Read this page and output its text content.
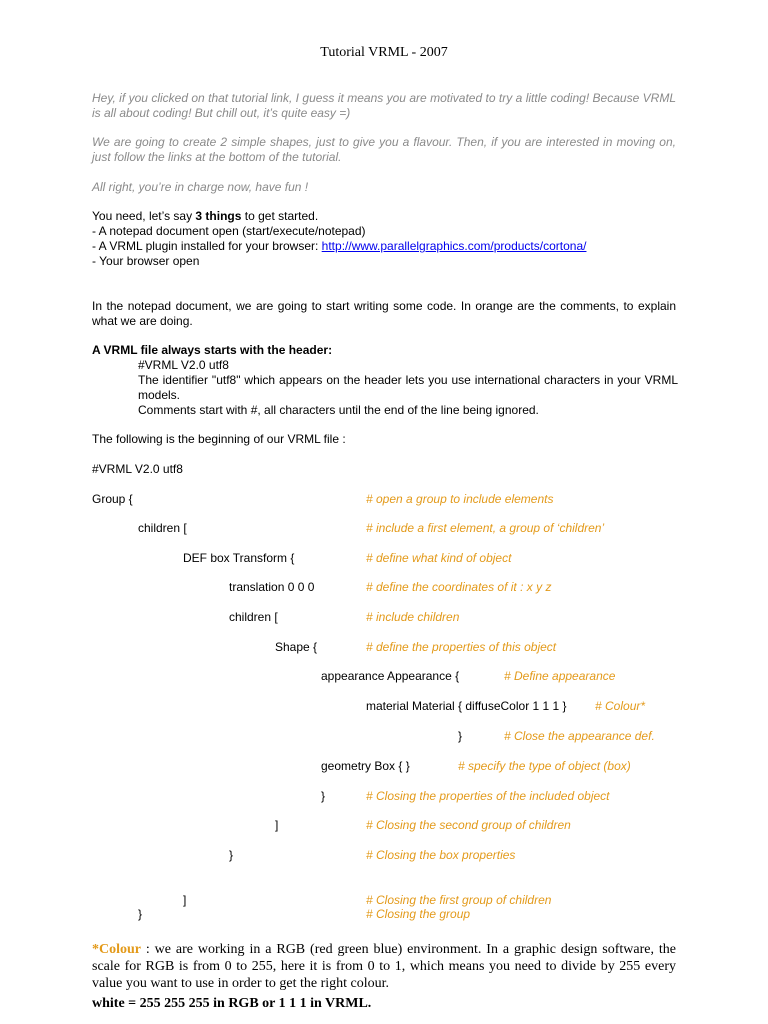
Tutorial VRML - 2007
Hey, if you clicked on that tutorial link, I guess it means you are motivated to try a little coding! Because VRML is all about coding! But chill out, it’s quite easy =)
We are going to create 2 simple shapes, just to give you a flavour. Then, if you are interested in moving on, just follow the links at the bottom of the tutorial.
All right, you’re in charge now, have fun !
You need, let’s say 3 things to get started.
- A notepad document open (start/execute/notepad)
- A VRML plugin installed for your browser: http://www.parallelgraphics.com/products/cortona/
- Your browser open
In the notepad document, we are going to start writing some code. In orange are the comments, to explain what we are doing.
A VRML file always starts with the header:
#VRML V2.0 utf8
The identifier "utf8" which appears on the header lets you use international characters in your VRML models.
Comments start with #, all characters until the end of the line being ignored.
The following is the beginning of our VRML file :
#VRML V2.0 utf8
Group {	# open a group to include elements
children [	# include a first element, a group of ‘children’
DEF box Transform {	# define what kind of object
translation 0 0 0	# define the coordinates of it : x y z
children [	# include children
Shape {	# define the properties of this object
appearance Appearance {	# Define appearance
material Material { diffuseColor 1 1 1 } # Colour*
}	# Close the appearance def.
geometry Box { }	# specify the type of object (box)
}	# Closing the properties of the included object
]	# Closing the second group of children
}	# Closing the box properties
]	# Closing the first group of children
}	# Closing the group
*Colour : we are working in a RGB (red green blue) environment. In a graphic design software, the scale for RGB is from 0 to 255, here it is from 0 to 1, which means you need to divide by 255 every value you want to use in order to get the right colour.
white = 255 255 255 in RGB or 1 1 1 in VRML.
